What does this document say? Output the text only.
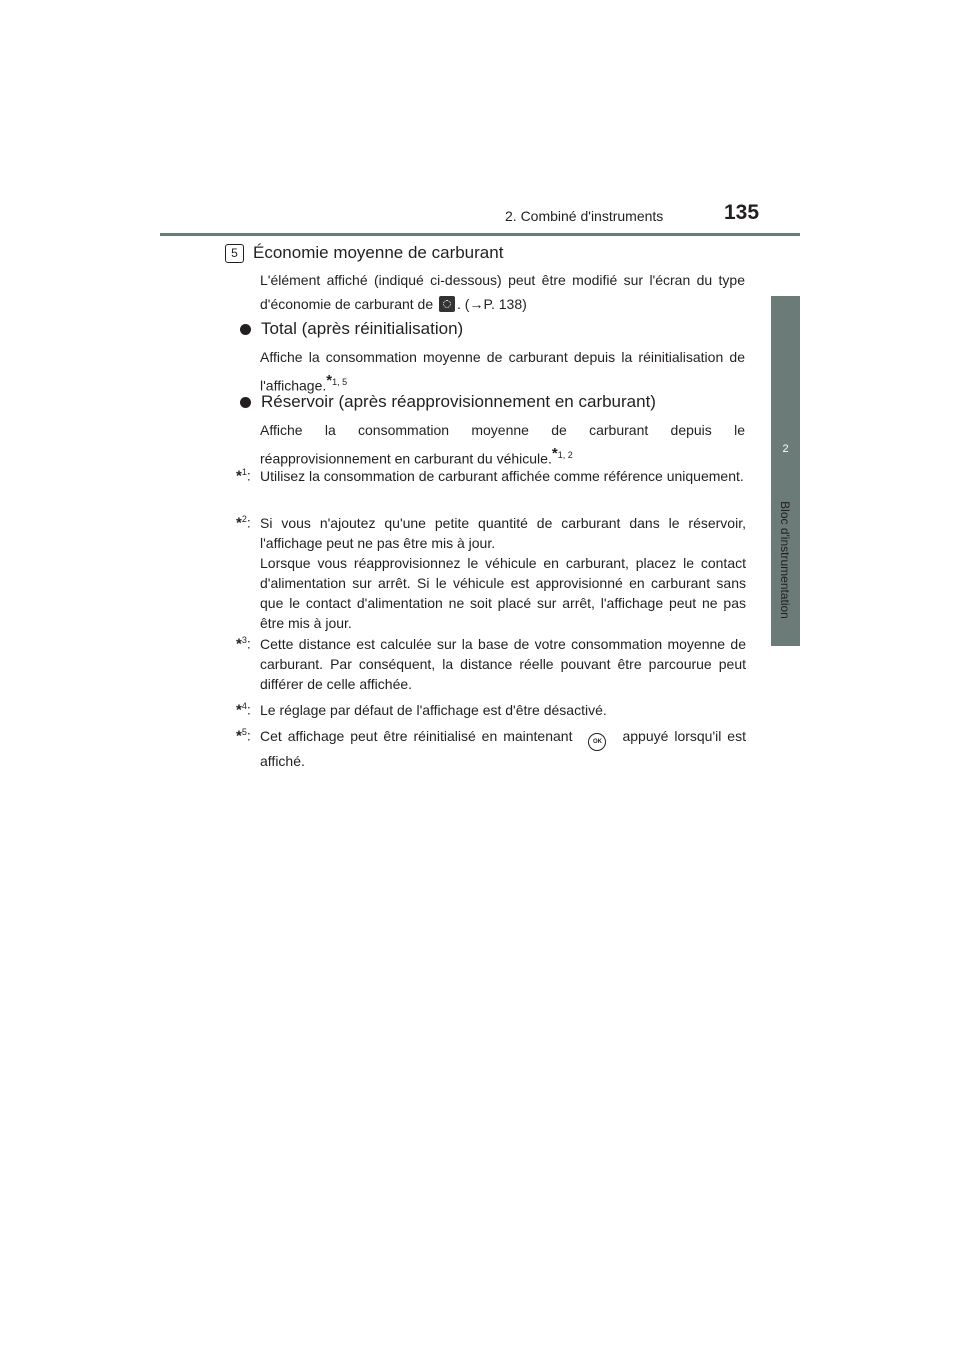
2. Combiné d'instruments	135
2
Bloc d'instrumentation
5 Économie moyenne de carburant
L'élément affiché (indiqué ci-dessous) peut être modifié sur l'écran du type d'économie de carburant de . (→P. 138)
Total (après réinitialisation)
Affiche la consommation moyenne de carburant depuis la réinitialisation de l'affichage.$^{*1, 5}$
Réservoir (après réapprovisionnement en carburant)
Affiche la consommation moyenne de carburant depuis le réapprovisionnement en carburant du véhicule.$^{*1, 2}$
*$^1$: Utilisez la consommation de carburant affichée comme référence uniquement.

*$^2$: Si vous n'ajoutez qu'une petite quantité de carburant dans le réservoir, l'affichage peut ne pas être mis à jour.

Lorsque vous réapprovisionnez le véhicule en carburant, placez le contact d'alimentation sur arrêt. Si le véhicule est approvisionné en carburant sans que le contact d'alimentation ne soit placé sur arrêt, l'affichage peut ne pas être mis à jour.

*$^3$: Cette distance est calculée sur la base de votre consommation moyenne de carburant. Par conséquent, la distance réelle pouvant être parcourue peut différer de celle affichée.

*$^4$: Le réglage par défaut de l'affichage est d'être désactivé.

*$^5$: Cet affichage peut être réinitialisé en maintenant	OK appuyé lorsqu'il est affiché.
